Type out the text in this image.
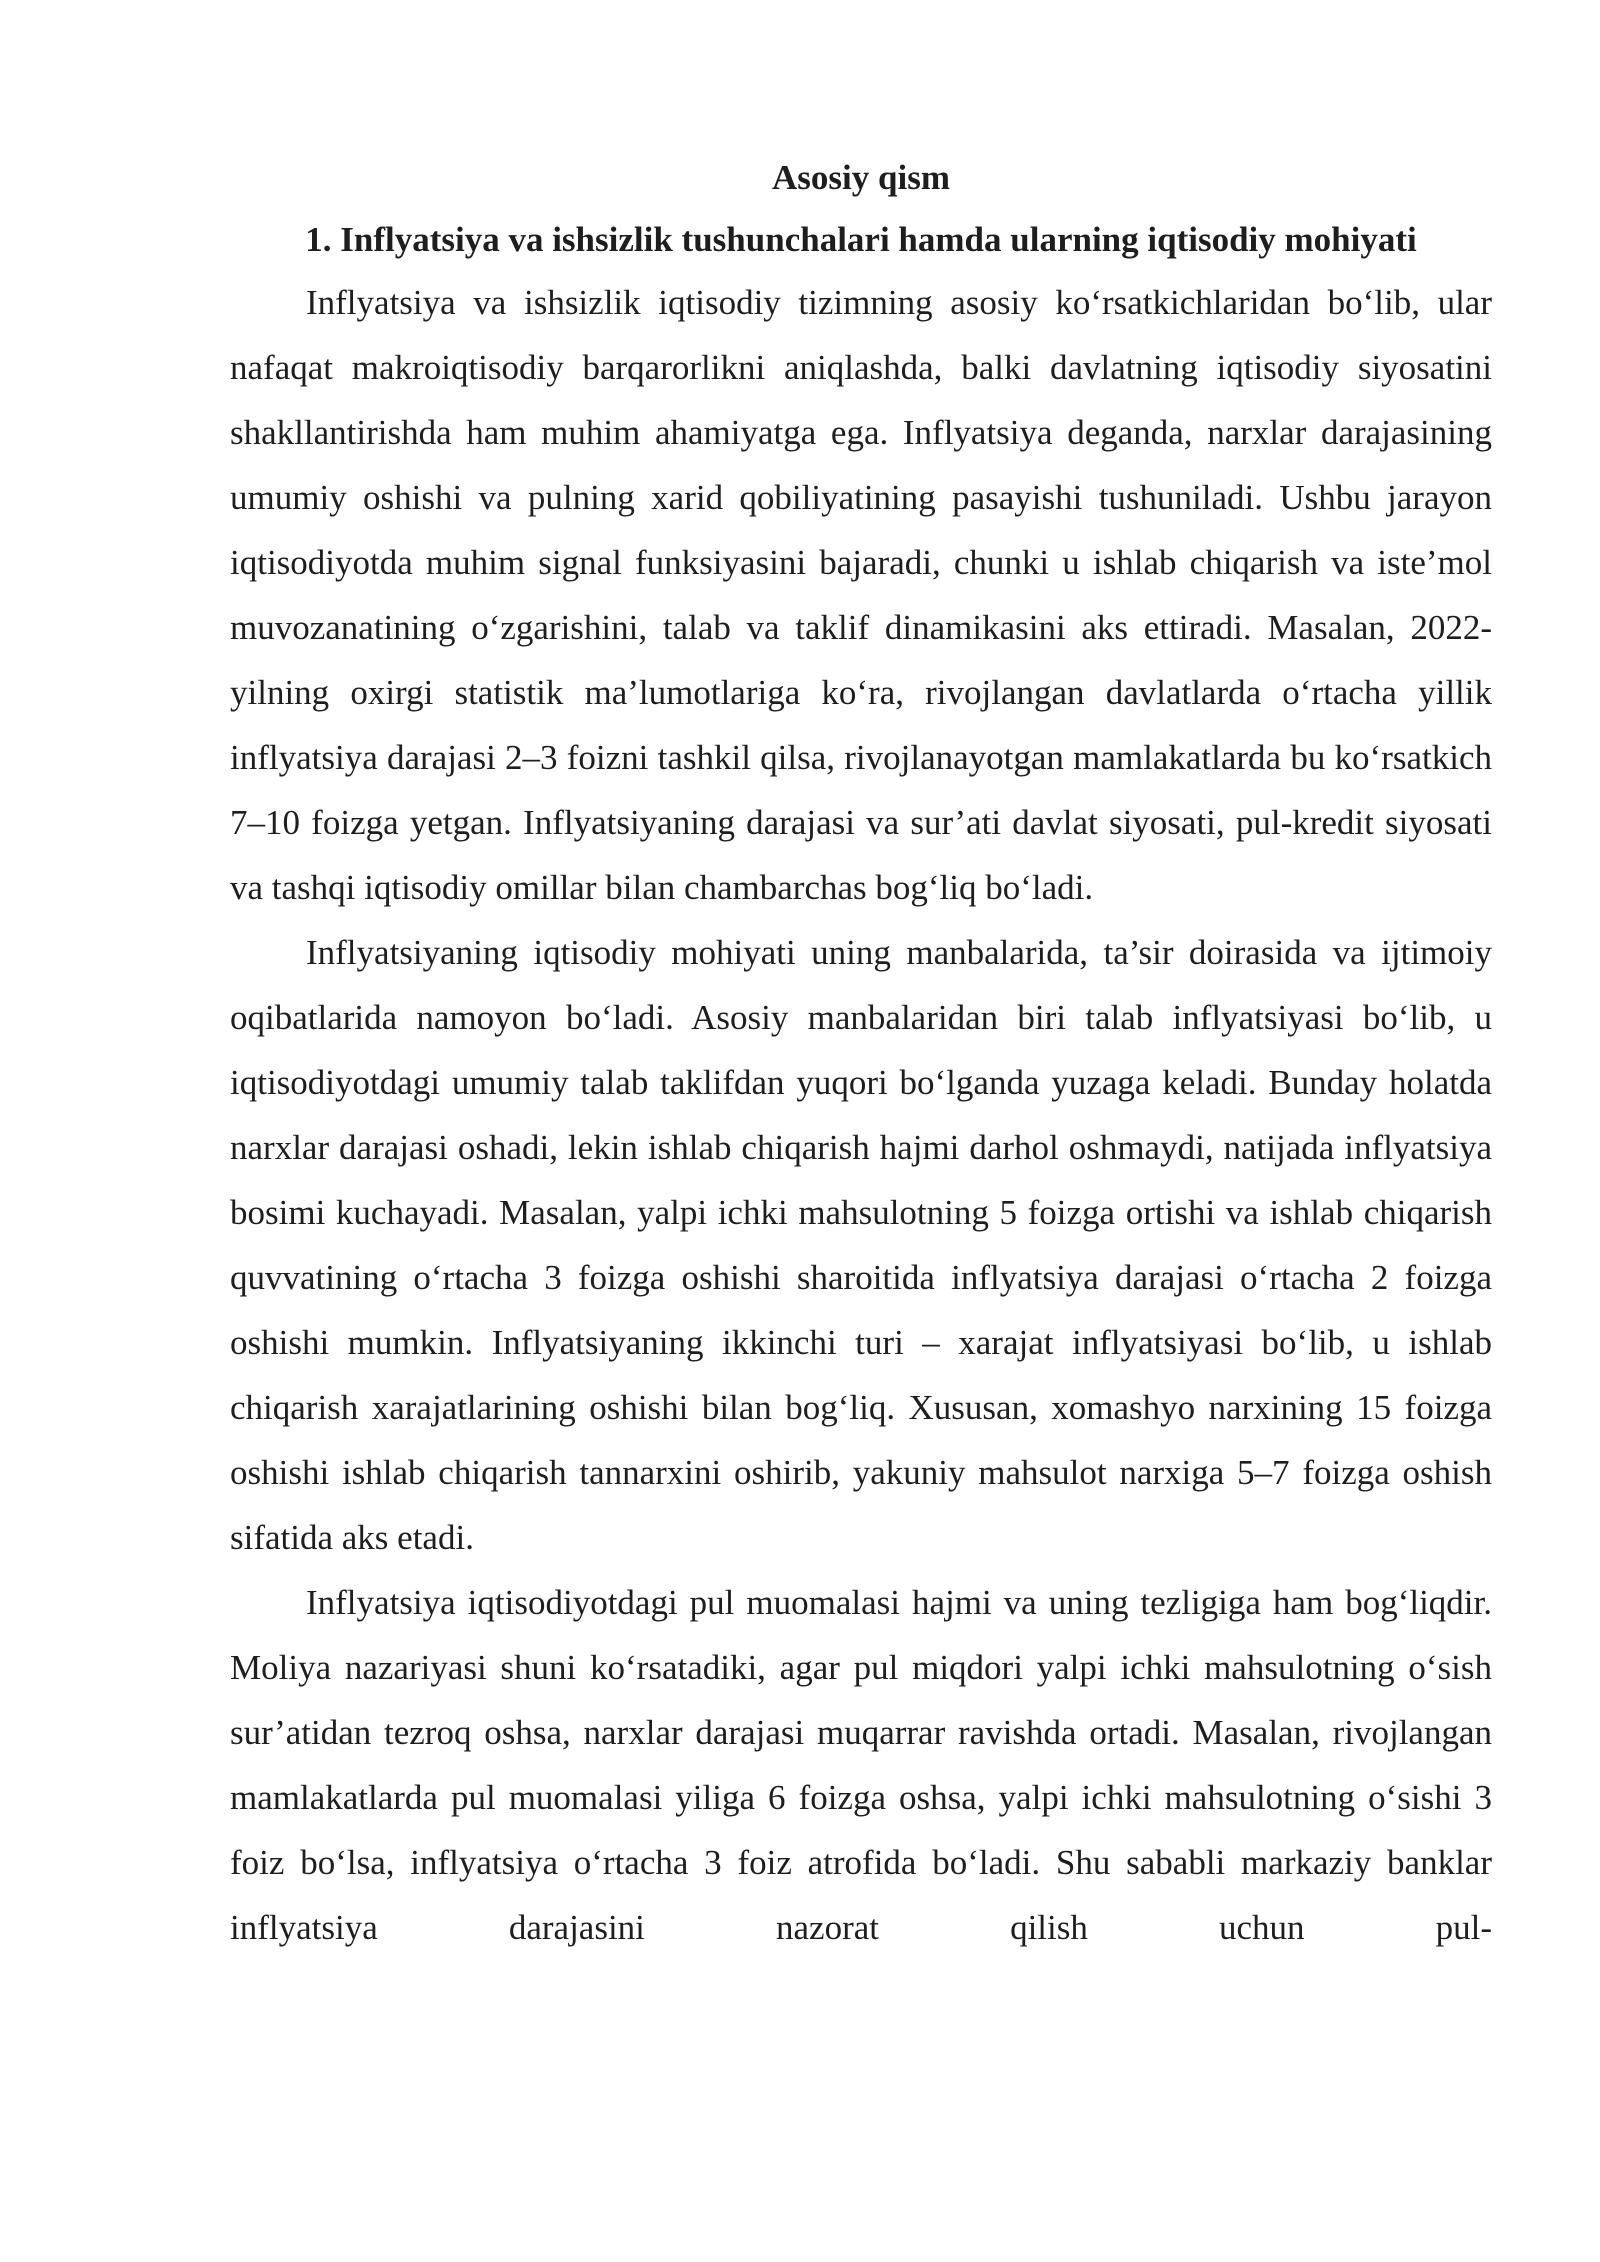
Asosiy qism
1. Inflyatsiya va ishsizlik tushunchalari hamda ularning iqtisodiy mohiyati

Inflyatsiya va ishsizlik iqtisodiy tizimning asosiy ko‘rsatkichlaridan bo‘lib, ular nafaqat makroiqtisodiy barqarorlikni aniqlashda, balki davlatning iqtisodiy siyosatini shakllantirishda ham muhim ahamiyatga ega. Inflyatsiya deganda, narxlar darajasining umumiy oshishi va pulning xarid qobiliyatining pasayishi tushuniladi. Ushbu jarayon iqtisodiyotda muhim signal funksiyasini bajaradi, chunki u ishlab chiqarish va iste’mol muvozanatining o‘zgarishini, talab va taklif dinamikasini aks ettiradi. Masalan, 2022-yilning oxirgi statistik ma’lumotlariga ko‘ra, rivojlangan davlatlarda o‘rtacha yillik inflyatsiya darajasi 2–3 foizni tashkil qilsa, rivojlanayotgan mamlakatlarda bu ko‘rsatkich 7–10 foizga yetgan. Inflyatsiyaning darajasi va sur’ati davlat siyosati, pul-kredit siyosati va tashqi iqtisodiy omillar bilan chambarchas bog‘liq bo‘ladi.

Inflyatsiyaning iqtisodiy mohiyati uning manbalarida, ta’sir doirasida va ijtimoiy oqibatlarida namoyon bo‘ladi. Asosiy manbalaridan biri talab inflyatsiyasi bo‘lib, u iqtisodiyotdagi umumiy talab taklifdan yuqori bo‘lganda yuzaga keladi. Bunday holatda narxlar darajasi oshadi, lekin ishlab chiqarish hajmi darhol oshmaydi, natijada inflyatsiya bosimi kuchayadi. Masalan, yalpi ichki mahsulotning 5 foizga ortishi va ishlab chiqarish quvvatining o‘rtacha 3 foizga oshishi sharoitida inflyatsiya darajasi o‘rtacha 2 foizga oshishi mumkin. Inflyatsiyaning ikkinchi turi – xarajat inflyatsiyasi bo‘lib, u ishlab chiqarish xarajatlarining oshishi bilan bog‘liq. Xususan, xomashyo narxining 15 foizga oshishi ishlab chiqarish tannarxini oshirib, yakuniy mahsulot narxiga 5–7 foizga oshish sifatida aks etadi.

Inflyatsiya iqtisodiyotdagi pul muomalasi hajmi va uning tezligiga ham bog‘liqdir. Moliya nazariyasi shuni ko‘rsatadiki, agar pul miqdori yalpi ichki mahsulotning o‘sish sur’atidan tezroq oshsa, narxlar darajasi muqarrar ravishda ortadi. Masalan, rivojlangan mamlakatlarda pul muomalasi yiliga 6 foizga oshsa, yalpi ichki mahsulotning o‘sishi 3 foiz bo‘lsa, inflyatsiya o‘rtacha 3 foiz atrofida bo‘ladi. Shu sababli markaziy banklar inflyatsiya darajasini nazorat qilish uchun pul-
